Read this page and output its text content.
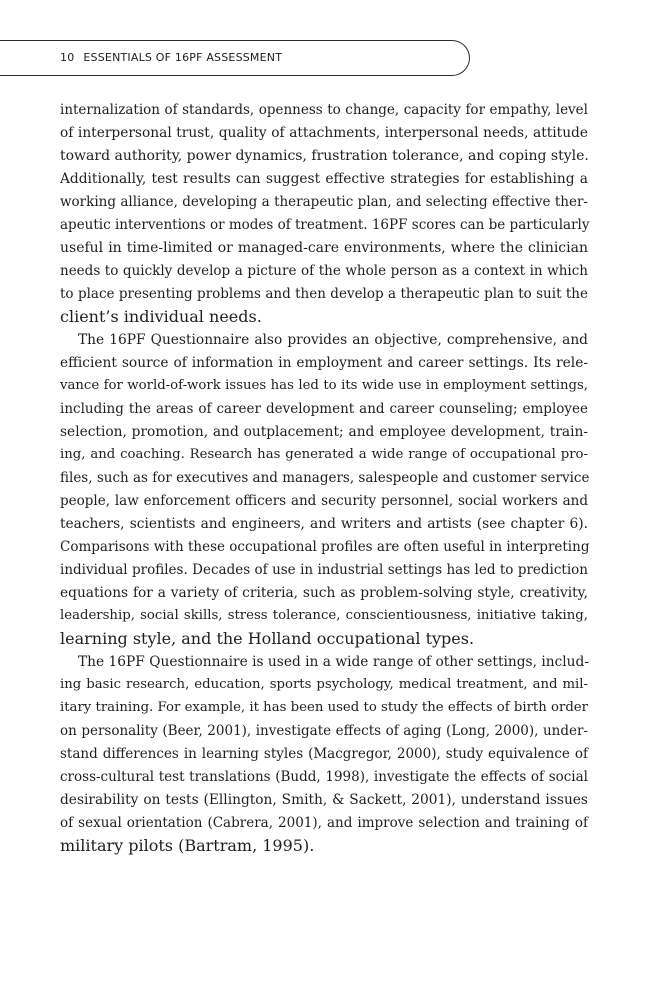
10 ESSENTIALS OF 16PF ASSESSMENT
internalization of standards, openness to change, capacity for empathy, level
of interpersonal trust, quality of attachments, interpersonal needs, attitude
toward authority, power dynamics, frustration tolerance, and coping style.
Additionally, test results can suggest effective strategies for establishing a
working alliance, developing a therapeutic plan, and selecting effective ther-
apeutic interventions or modes of treatment. 16PF scores can be particularly
useful in time-limited or managed-care environments, where the clinician
needs to quickly develop a picture of the whole person as a context in which
to place presenting problems and then develop a therapeutic plan to suit the
client’s individual needs.
The 16PF Questionnaire also provides an objective, comprehensive, and
efficient source of information in employment and career settings. Its rele-
vance for world-of-work issues has led to its wide use in employment settings,
including the areas of career development and career counseling; employee
selection, promotion, and outplacement; and employee development, train-
ing, and coaching. Research has generated a wide range of occupational pro-
files, such as for executives and managers, salespeople and customer service
people, law enforcement officers and security personnel, social workers and
teachers, scientists and engineers, and writers and artists (see chapter 6).
Comparisons with these occupational profiles are often useful in interpreting
individual profiles. Decades of use in industrial settings has led to prediction
equations for a variety of criteria, such as problem-solving style, creativity,
leadership, social skills, stress tolerance, conscientiousness, initiative taking,
learning style, and the Holland occupational types.
The 16PF Questionnaire is used in a wide range of other settings, includ-
ing basic research, education, sports psychology, medical treatment, and mil-
itary training. For example, it has been used to study the effects of birth order
on personality (Beer, 2001), investigate effects of aging (Long, 2000), under-
stand differences in learning styles (Macgregor, 2000), study equivalence of
cross-cultural test translations (Budd, 1998), investigate the effects of social
desirability on tests (Ellington, Smith, & Sackett, 2001), understand issues
of sexual orientation (Cabrera, 2001), and improve selection and training of
military pilots (Bartram, 1995).
